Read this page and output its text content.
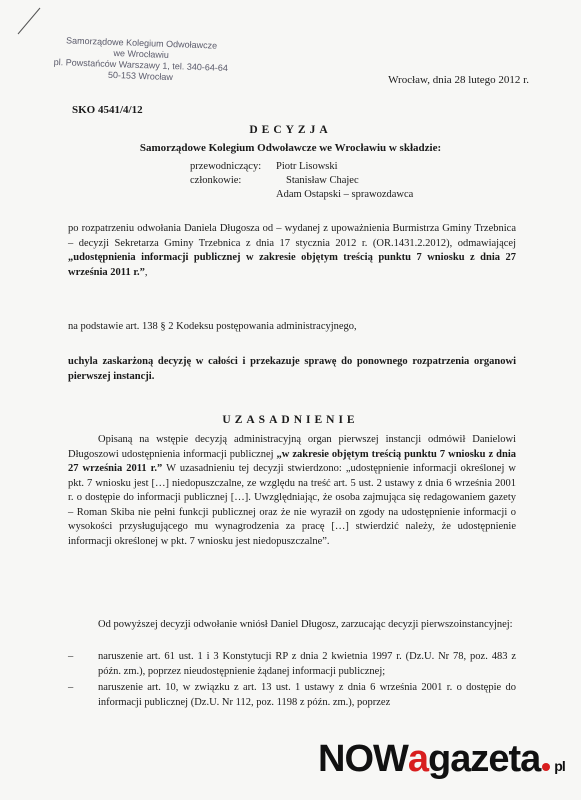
Samorządowe Kolegium Odwoławcze
we Wrocławiu
pl. Powstańców Warszawy 1, tel. 340-64-64
50-153 Wrocław	Wrocław, dnia 28 lutego 2012 r.
SKO 4541/4/12
DECYZJA
Samorządowe Kolegium Odwoławcze we Wrocławiu w składzie:
przewodniczący:	Piotr Lisowski
członkowie:	Stanisław Chajec
Adam Ostapski – sprawozdawca
po rozpatrzeniu odwołania Daniela Długosza od – wydanej z upoważnienia Burmistrza Gminy Trzebnica – decyzji Sekretarza Gminy Trzebnica z dnia 17 stycznia 2012 r. (OR.1431.2.2012), odmawiającej „udostępnienia informacji publicznej w zakresie objętym treścią punktu 7 wniosku z dnia 27 września 2011 r.”,
na podstawie art. 138 § 2 Kodeksu postępowania administracyjnego,
uchyla zaskarżoną decyzję w całości i przekazuje sprawę do ponownego rozpatrzenia organowi pierwszej instancji.
UZASADNIENIE
Opisaną na wstępie decyzją administracyjną organ pierwszej instancji odmówił Danielowi Długoszowi udostępnienia informacji publicznej „w zakresie objętym treścią punktu 7 wniosku z dnia 27 września 2011 r.” W uzasadnieniu tej decyzji stwierdzono: „udostępnienie informacji określonej w pkt. 7 wniosku jest […] niedopuszczalne, ze względu na treść art. 5 ust. 2 ustawy z dnia 6 września 2001 r. o dostępie do informacji publicznej […]. Uwzględniając, że osoba zajmująca się redagowaniem gazety – Roman Skiba nie pełni funkcji publicznej oraz że nie wyraził on zgody na udostępnienie informacji o wysokości przysługującego mu wynagrodzenia za pracę […] stwierdzić należy, że udostępnienie informacji określonej w pkt. 7 wniosku jest niedopuszczalne”.
Od powyższej decyzji odwołanie wniósł Daniel Długosz, zarzucając decyzji pierwszoinstancyjnej:
–	naruszenie art. 61 ust. 1 i 3 Konstytucji RP z dnia 2 kwietnia 1997 r. (Dz.U. Nr 78, poz. 483 z późn. zm.), poprzez nieudostępnienie żądanej informacji publicznej;
–	naruszenie art. 10, w związku z art. 13 ust. 1 ustawy z dnia 6 września 2001 r. o dostępie do informacji publicznej (Dz.U. Nr 112, poz. 1198 z późn. zm.), poprzez
NOW a gazeta pl
